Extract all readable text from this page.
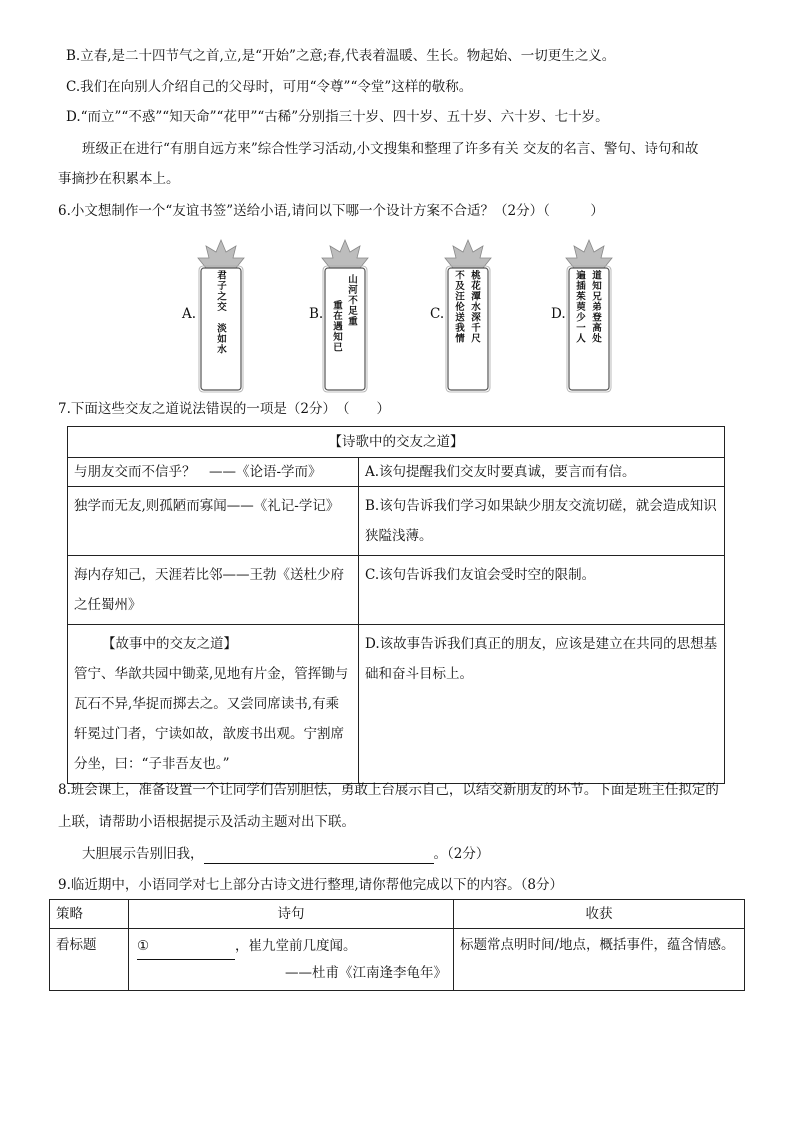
B.立春,是二十四节气之首,立,是“开始”之意;春,代表着温暖、生长。物起始、一切更生之义。
C.我们在向别人介绍自己的父母时，可用“令尊”“令堂”这样的敬称。
D.“而立”“不惑”“知天命”“花甲”“古稀”分别指三十岁、四十岁、五十岁、六十岁、七十岁。
班级正在进行“有朋自远方来”综合性学习活动,小文搜集和整理了许多有关 交友的名言、警句、诗句和故
事摘抄在积累本上。
6.小文想制作一个“友谊书签”送给小语,请问以下哪一个设计方案不合适？（2分）（　　　）
A.
君子之交
淡如水
B. 山河不足重
重在遇知已	C.	桃花潭水深千尺
不及汪伦送我情	D.	道知兄弟登高处
遍插茱萸少一人
7.下面这些交友之道说法错误的一项是（2分）　（　　）
【诗歌中的交友之道】	
与朋友交而不信乎？　——《论语-学而》	A.该句提醒我们交友时要真诚，要言而有信。
独学而无友,则孤陋而寡闻——《礼记-学记》	B.该句告诉我们学习如果缺少朋友交流切磋，就会造成知识狭隘浅薄。
海内存知己，天涯若比邻——王勃《送杜少府之任蜀州》	C.该句告诉我们友谊会受时空的限制。

【故事中的交友之道】
管宁、华歆共园中锄菜,见地有片金，管挥锄与瓦石不异,华捉而掷去之。又尝同席读书,有乘轩冕过门者，宁读如故，歆废书出观。宁割席分坐，曰：“子非吾友也。”	D.该故事告诉我们真正的朋友，应该是建立在共同的思想基础和奋斗目标上。
8.班会课上，准备设置一个让同学们告别胆怯，勇敢上台展示自己，以结交新朋友的环节。下面是班主任拟定的
上联，请帮助小语根据提示及活动主题对出下联。
大胆展示告别旧我，	。（2分）
9.临近期中，小语同学对七上部分古诗文进行整理,请你帮他完成以下的内容。（8分）
策略	诗句	收获
看标题	① ，崔九堂前几度闻。
——杜甫《江南逢李龟年》	标题常点明时间/地点，概括事件，蕴含情感。
